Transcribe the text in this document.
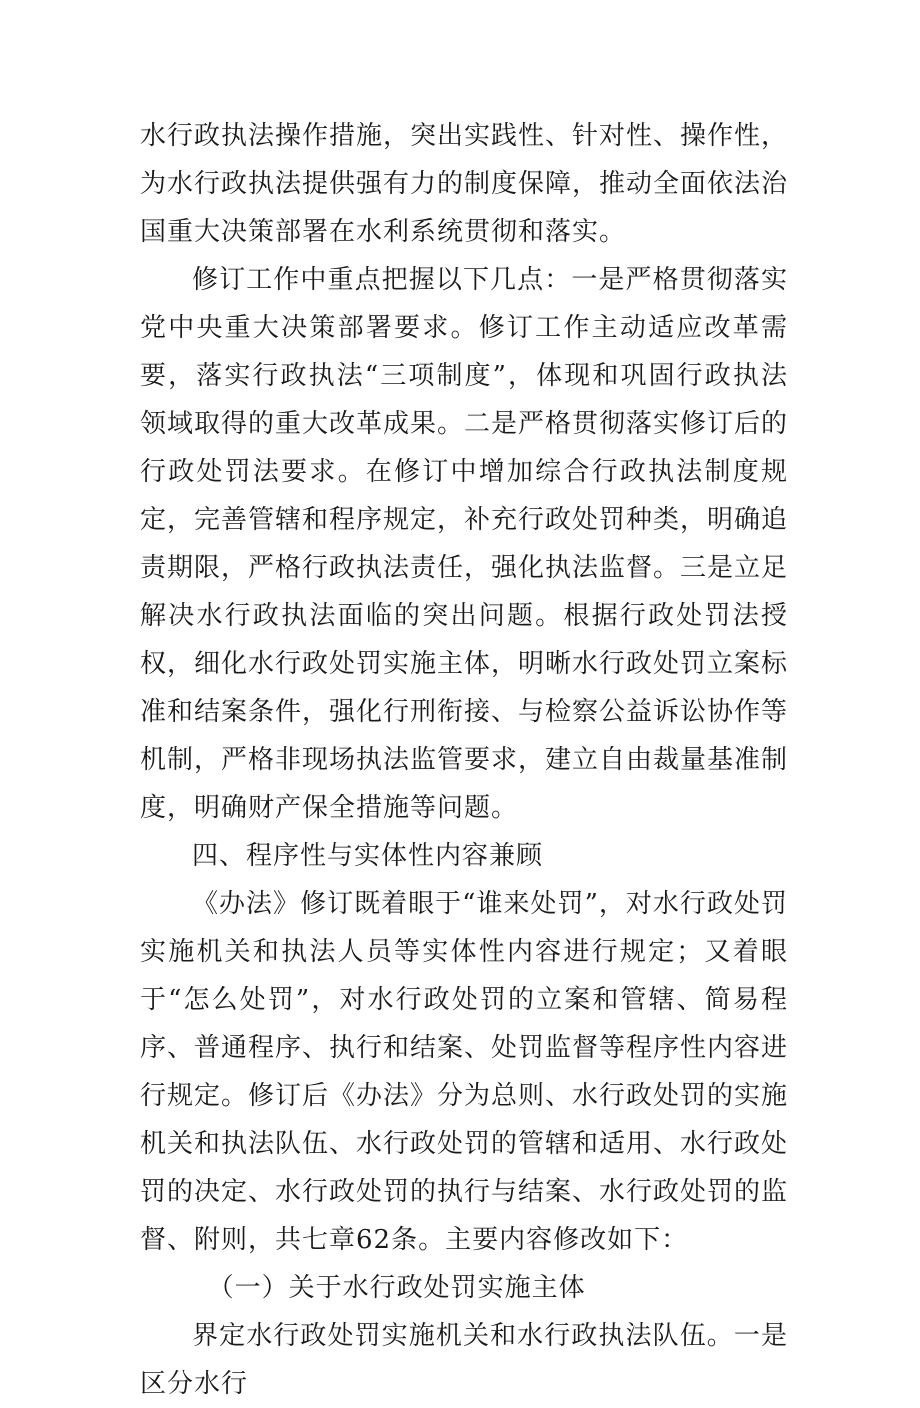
水行政执法操作措施，突出实践性、针对性、操作性，为水行政执法提供强有力的制度保障，推动全面依法治国重大决策部署在水利系统贯彻和落实。

修订工作中重点把握以下几点：一是严格贯彻落实党中央重大决策部署要求。修订工作主动适应改革需要，落实行政执法“三项制度”，体现和巩固行政执法领域取得的重大改革成果。二是严格贯彻落实修订后的行政处罚法要求。在修订中增加综合行政执法制度规定，完善管辖和程序规定，补充行政处罚种类，明确追责期限，严格行政执法责任，强化执法监督。三是立足解决水行政执法面临的突出问题。根据行政处罚法授权，细化水行政处罚实施主体，明晰水行政处罚立案标准和结案条件，强化行刑衔接、与检察公益诉讼协作等机制，严格非现场执法监管要求，建立自由裁量基准制度，明确财产保全措施等问题。

四、程序性与实体性内容兼顾

《办法》修订既着眼于“谁来处罚”，对水行政处罚实施机关和执法人员等实体性内容进行规定；又着眼于“怎么处罚”，对水行政处罚的立案和管辖、简易程序、普通程序、执行和结案、处罚监督等程序性内容进行规定。修订后《办法》分为总则、水行政处罚的实施机关和执法队伍、水行政处罚的管辖和适用、水行政处罚的决定、水行政处罚的执行与结案、水行政处罚的监督、附则，共七章62条。主要内容修改如下：

（一）关于水行政处罚实施主体

界定水行政处罚实施机关和水行政执法队伍。一是区分水行
